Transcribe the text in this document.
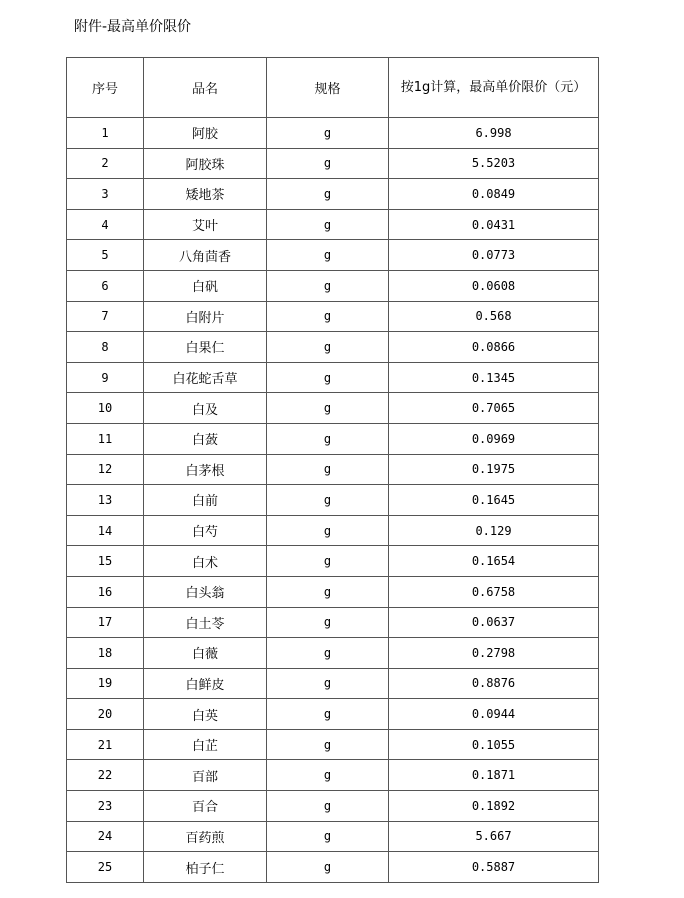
附件-最高单价限价
序号	品名	规格	按1g计算，最高单价限价（元）
1	阿胶	g	6.998
2	阿胶珠	g	5.5203
3	矮地茶	g	0.0849
4	艾叶	g	0.0431
5	八角茴香	g	0.0773
6	白矾	g	0.0608
7	白附片	g	0.568
8	白果仁	g	0.0866
9	白花蛇舌草	g	0.1345
10	白及	g	0.7065
11	白蔹	g	0.0969
12	白茅根	g	0.1975
13	白前	g	0.1645
14	白芍	g	0.129
15	白术	g	0.1654
16	白头翁	g	0.6758
17	白土苓	g	0.0637
18	白薇	g	0.2798
19	白鲜皮	g	0.8876
20	白英	g	0.0944
21	白芷	g	0.1055
22	百部	g	0.1871
23	百合	g	0.1892
24	百药煎	g	5.667
25	柏子仁	g	0.5887
